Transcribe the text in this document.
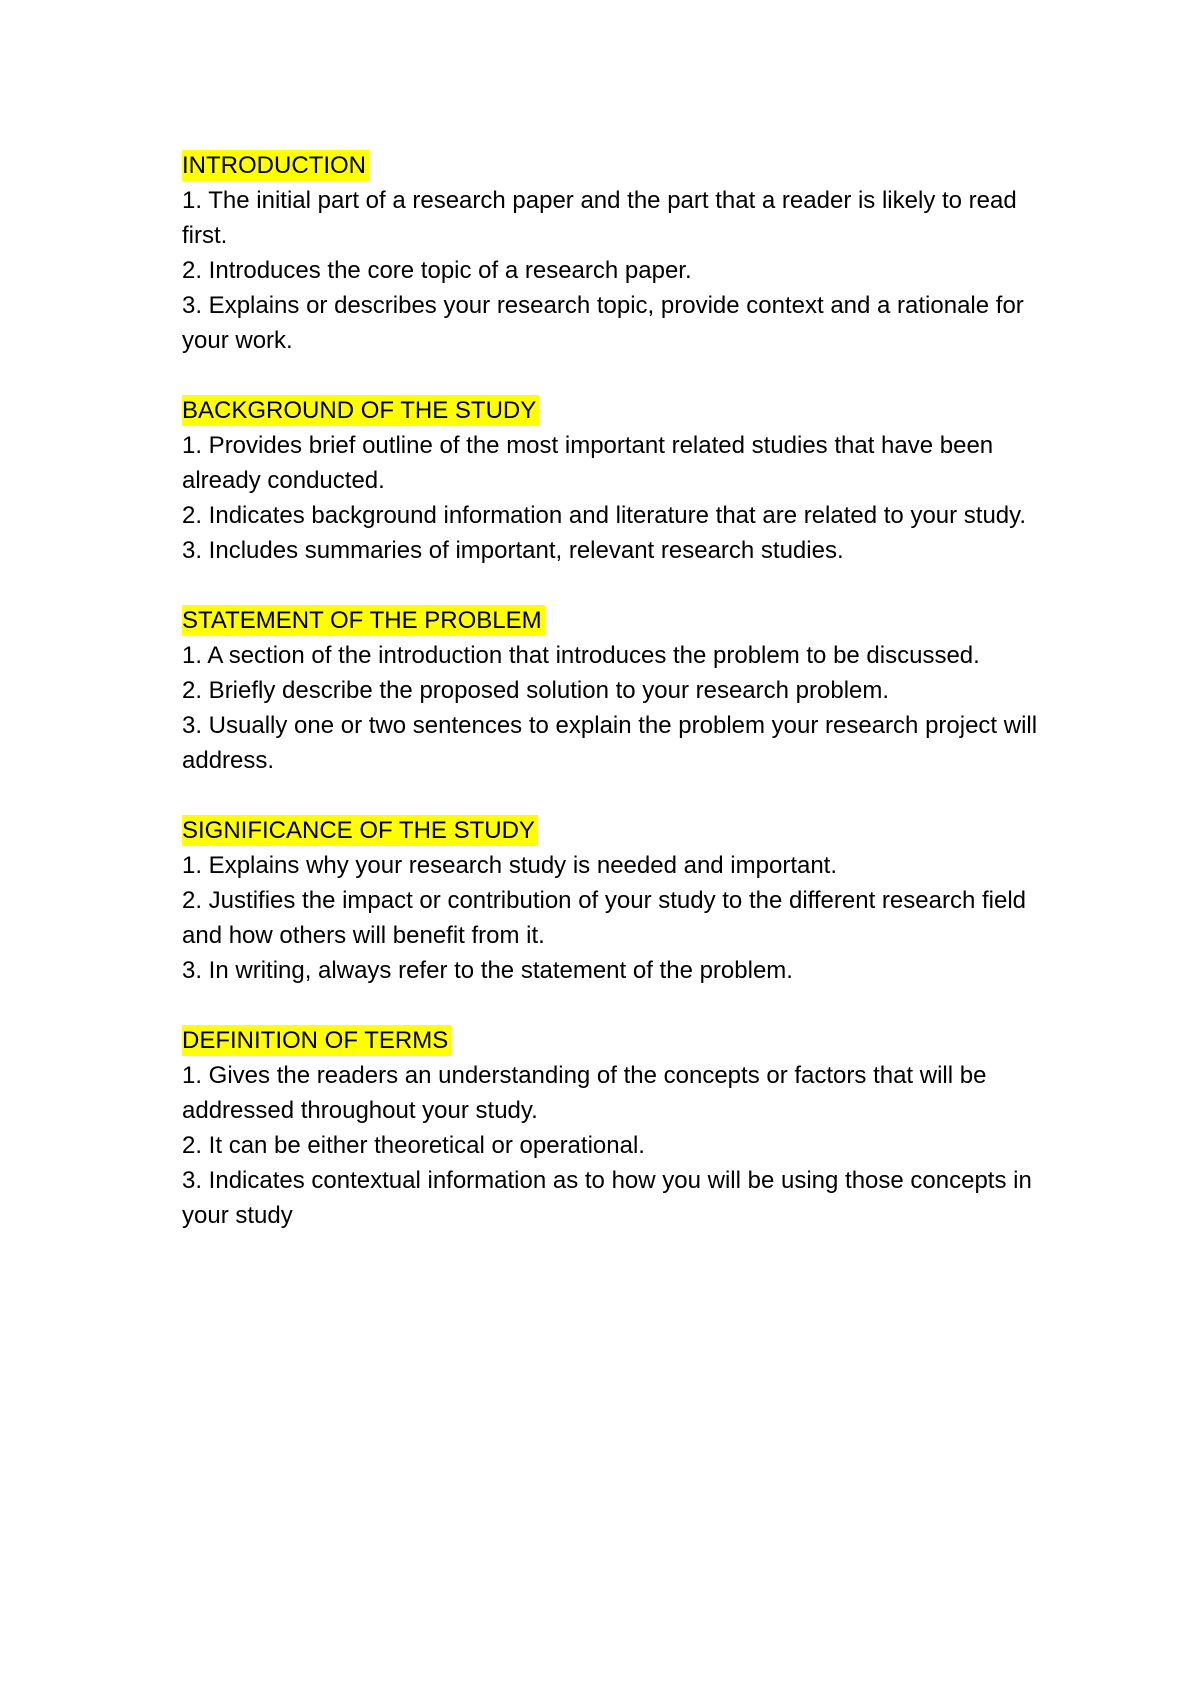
INTRODUCTION
1. The initial part of a research paper and the part that a reader is likely to read first.
2. Introduces the core topic of a research paper.
3. Explains or describes your research topic, provide context and a rationale for your work.
BACKGROUND OF THE STUDY
1. Provides brief outline of the most important related studies that have been already conducted.
2. Indicates background information and literature that are related to your study.
3. Includes summaries of important, relevant research studies.
STATEMENT OF THE PROBLEM
1. A section of the introduction that introduces the problem to be discussed.
2. Briefly describe the proposed solution to your research problem.
3. Usually one or two sentences to explain the problem your research project will address.
SIGNIFICANCE OF THE STUDY
1. Explains why your research study is needed and important.
2. Justifies the impact or contribution of your study to the different research field and how others will benefit from it.
3. In writing, always refer to the statement of the problem.
DEFINITION OF TERMS
1. Gives the readers an understanding of the concepts or factors that will be addressed throughout your study.
2. It can be either theoretical or operational.
3. Indicates contextual information as to how you will be using those concepts in your study
